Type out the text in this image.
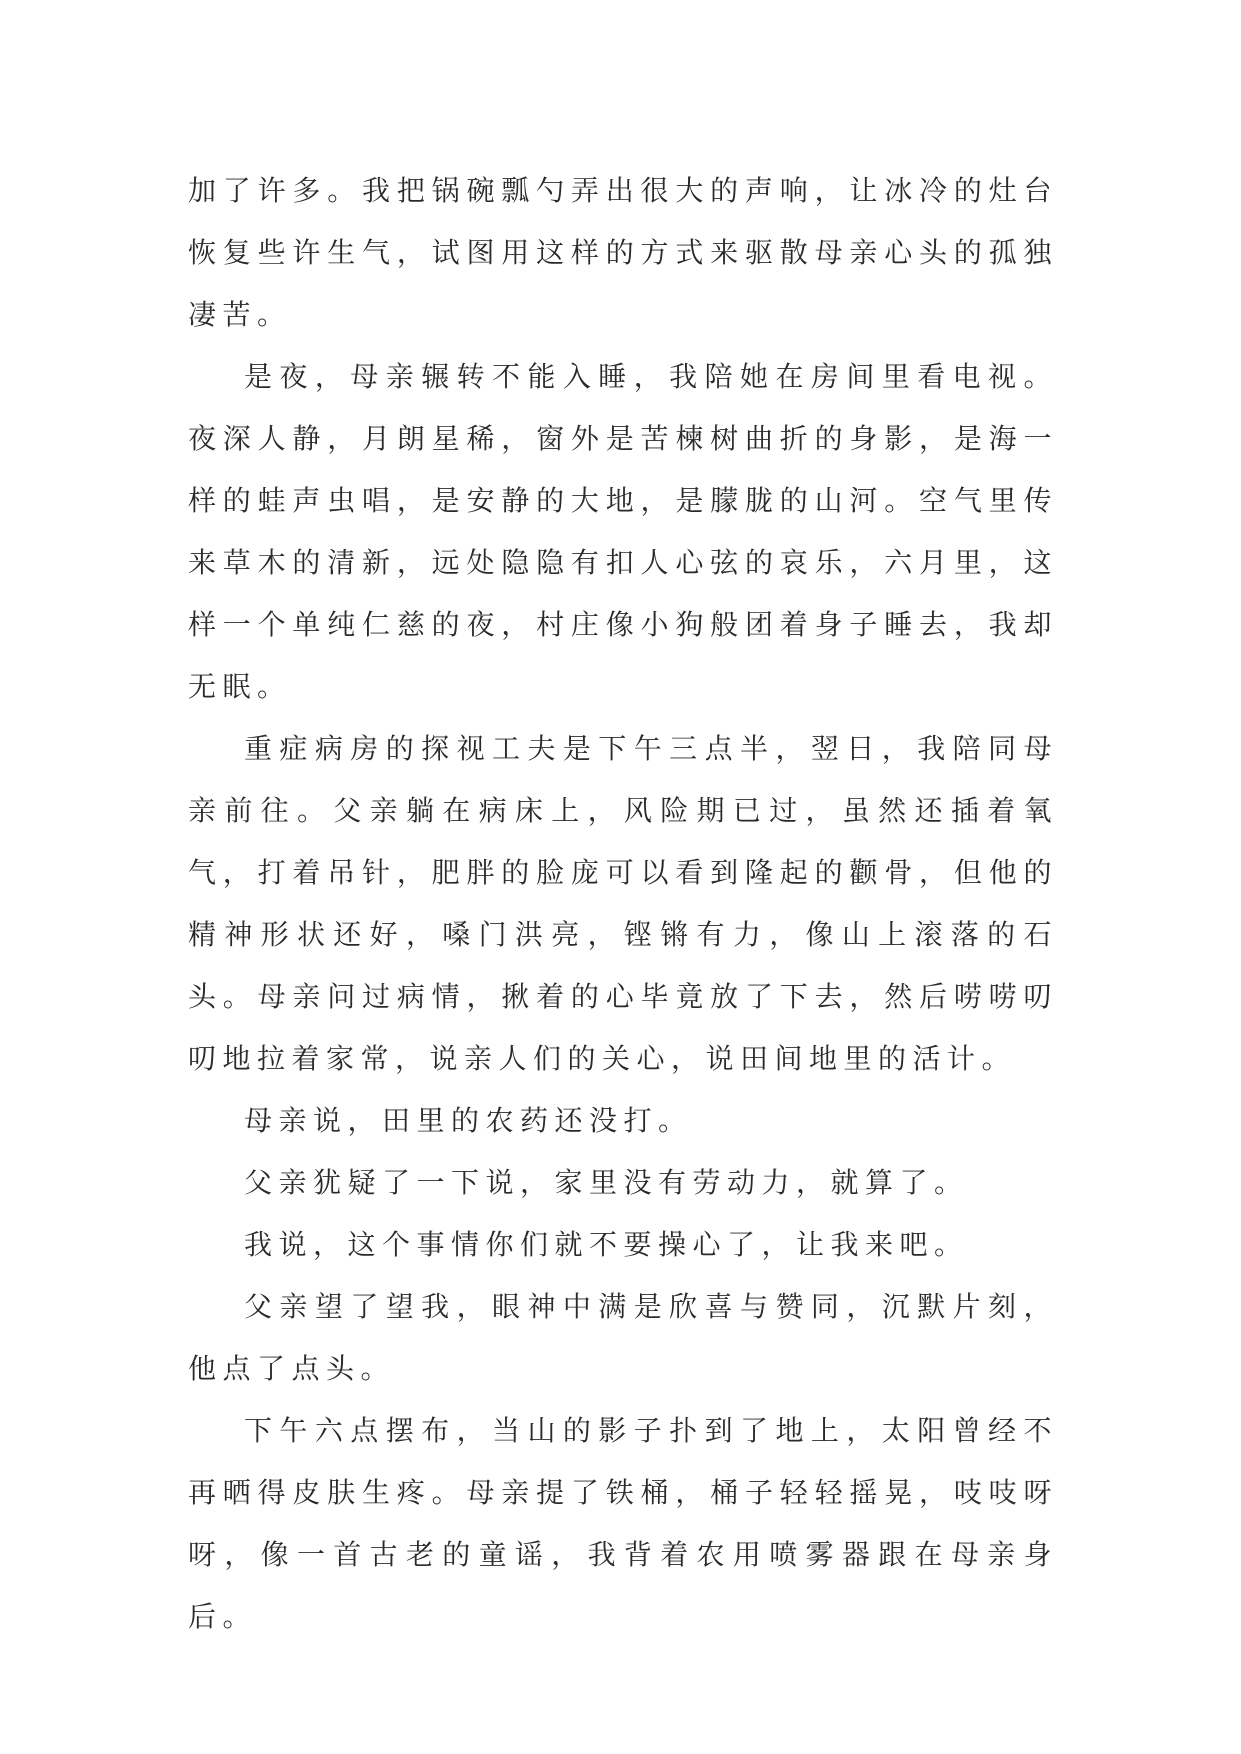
加了许多。我把锅碗瓢勺弄出很大的声响，让冰冷的灶台恢复些许生气，试图用这样的方式来驱散母亲心头的孤独凄苦。

是夜，母亲辗转不能入睡，我陪她在房间里看电视。夜深人静，月朗星稀，窗外是苦楝树曲折的身影，是海一样的蛙声虫唱，是安静的大地，是朦胧的山河。空气里传来草木的清新，远处隐隐有扣人心弦的哀乐，六月里，这样一个单纯仁慈的夜，村庄像小狗般团着身子睡去，我却无眠。

重症病房的探视工夫是下午三点半，翌日，我陪同母亲前往。父亲躺在病床上，风险期已过，虽然还插着氧气，打着吊针，肥胖的脸庞可以看到隆起的颧骨，但他的精神形状还好，嗓门洪亮，铿锵有力，像山上滚落的石头。母亲问过病情，揪着的心毕竟放了下去，然后唠唠叨叨地拉着家常，说亲人们的关心，说田间地里的活计。

母亲说，田里的农药还没打。

父亲犹疑了一下说，家里没有劳动力，就算了。

我说，这个事情你们就不要操心了，让我来吧。

父亲望了望我，眼神中满是欣喜与赞同，沉默片刻，他点了点头。

下午六点摆布，当山的影子扑到了地上，太阳曾经不再晒得皮肤生疼。母亲提了铁桶，桶子轻轻摇晃，吱吱呀呀，像一首古老的童谣，我背着农用喷雾器跟在母亲身后。
